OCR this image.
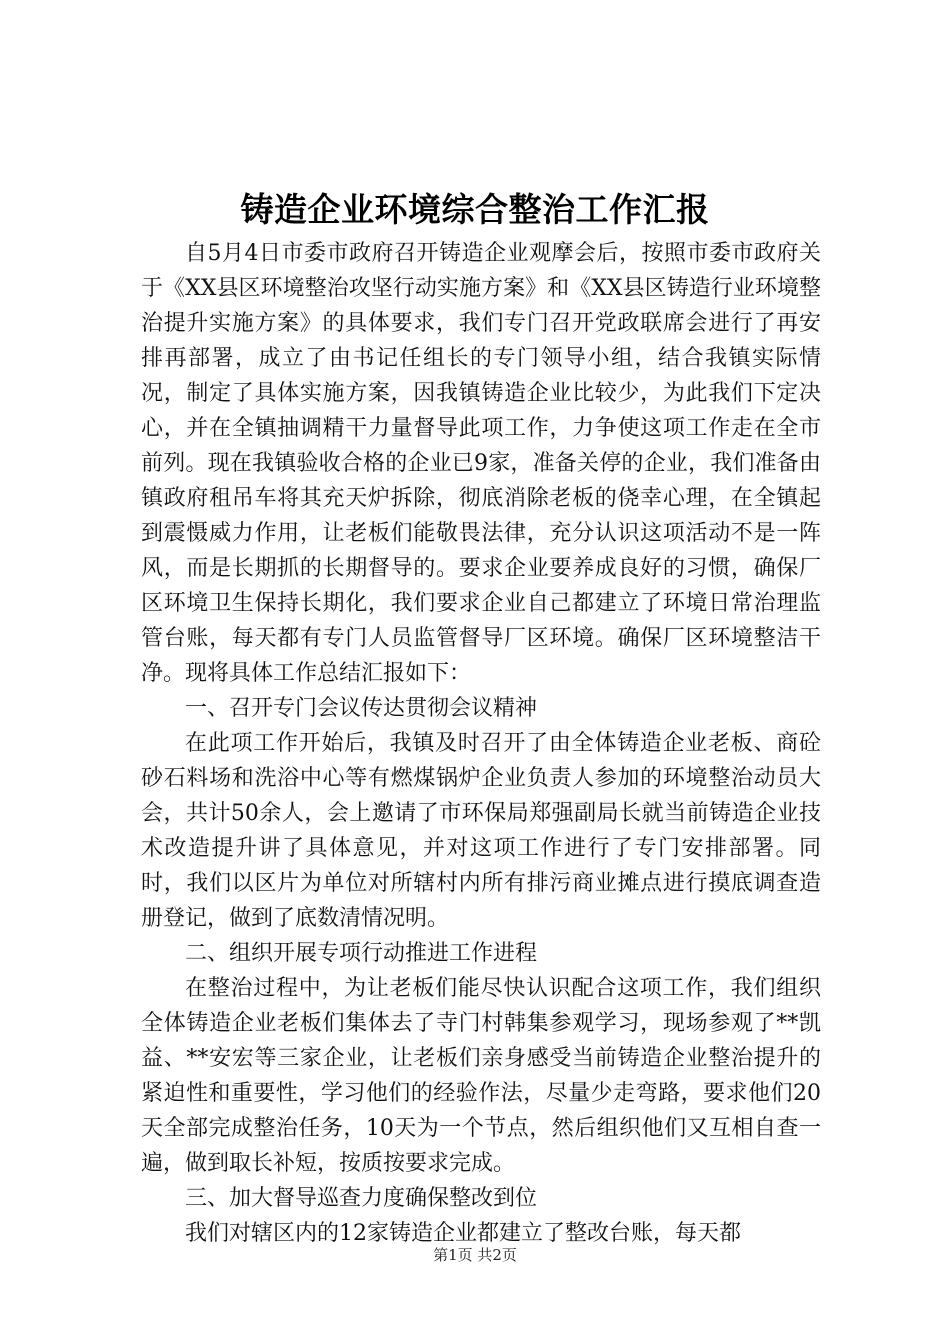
铸造企业环境综合整治工作汇报

自5月4日市委市政府召开铸造企业观摩会后，按照市委市政府关于《XX县区环境整治攻坚行动实施方案》和《XX县区铸造行业环境整治提升实施方案》的具体要求，我们专门召开党政联席会进行了再安排再部署，成立了由书记任组长的专门领导小组，结合我镇实际情况，制定了具体实施方案，因我镇铸造企业比较少，为此我们下定决心，并在全镇抽调精干力量督导此项工作，力争使这项工作走在全市前列。现在我镇验收合格的企业已9家，准备关停的企业，我们准备由镇政府租吊车将其充天炉拆除，彻底消除老板的侥幸心理，在全镇起到震慑威力作用，让老板们能敬畏法律，充分认识这项活动不是一阵风，而是长期抓的长期督导的。要求企业要养成良好的习惯，确保厂区环境卫生保持长期化，我们要求企业自己都建立了环境日常治理监管台账，每天都有专门人员监管督导厂区环境。确保厂区环境整洁干净。现将具体工作总结汇报如下：

一、召开专门会议传达贯彻会议精神

在此项工作开始后，我镇及时召开了由全体铸造企业老板、商砼砂石料场和洗浴中心等有燃煤锅炉企业负责人参加的环境整治动员大会，共计50余人，会上邀请了市环保局郑强副局长就当前铸造企业技术改造提升讲了具体意见，并对这项工作进行了专门安排部署。同时，我们以区片为单位对所辖村内所有排污商业摊点进行摸底调查造册登记，做到了底数清情况明。

二、组织开展专项行动推进工作进程

在整治过程中，为让老板们能尽快认识配合这项工作，我们组织全体铸造企业老板们集体去了寺门村韩集参观学习，现场参观了**凯益、**安宏等三家企业，让老板们亲身感受当前铸造企业整治提升的紧迫性和重要性，学习他们的经验作法，尽量少走弯路，要求他们20天全部完成整治任务，10天为一个节点，然后组织他们又互相自查一遍，做到取长补短，按质按要求完成。

三、加大督导巡查力度确保整改到位

我们对辖区内的12家铸造企业都建立了整改台账，每天都

第1页 共2页
